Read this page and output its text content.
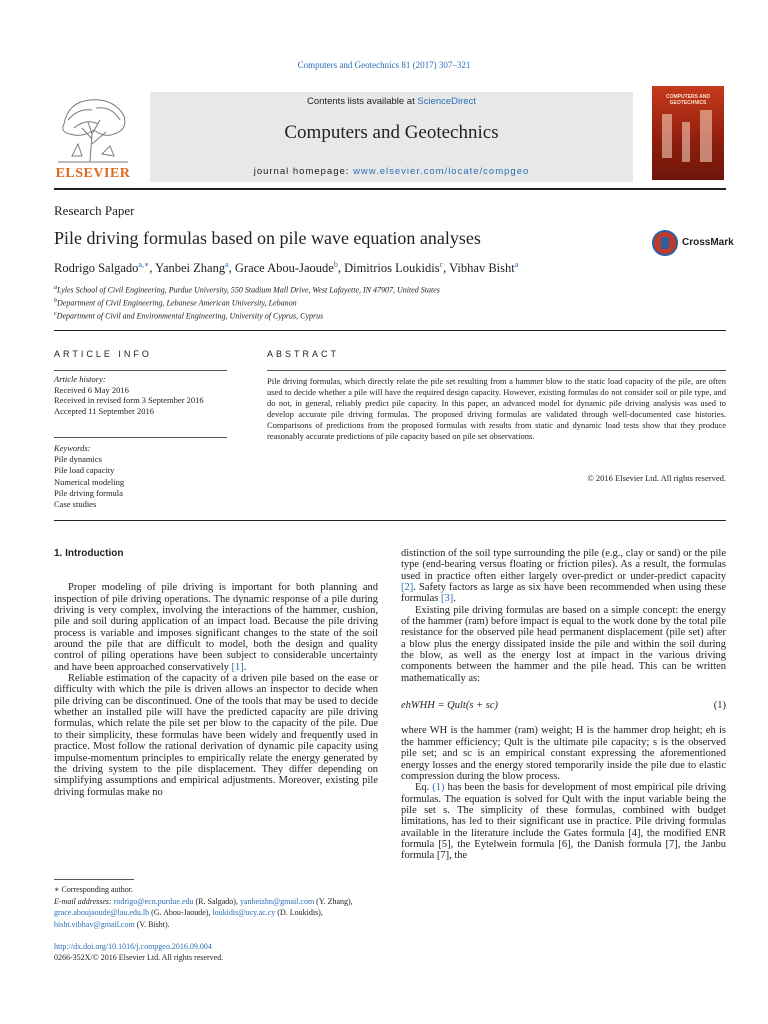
Computers and Geotechnics 81 (2017) 307–321
ELSEVIER
Contents lists available at ScienceDirect
Computers and Geotechnics
journal homepage: www.elsevier.com/locate/compgeo
COMPUTERS AND GEOTECHNICS
Research Paper
Pile driving formulas based on pile wave equation analyses	CrossMark
Rodrigo Salgado$^{a,∗}$, Yanbei Zhang$^a$, Grace Abou-Jaoude$^b$, Dimitrios Loukidis$^c$, Vibhav Bisht$^a$
$^a$Lyles School of Civil Engineering, Purdue University, 550 Stadium Mall Drive, West Lafayette, IN 47907, United States
$^b$Department of Civil Engineering, Lebanese American University, Lebanon
$^c$Department of Civil and Environmental Engineering, University of Cyprus, Cyprus
ARTICLE INFO	ABSTRACT
Article history:
Received 6 May 2016
Received in revised form 3 September 2016
Accepted 11 September 2016
Keywords:
Pile dynamics
Pile load capacity
Numerical modeling
Pile driving formula
Case studies
Pile driving formulas, which directly relate the pile set resulting from a hammer blow to the static load capacity of the pile, are often used to decide whether a pile will have the required design capacity. However, existing formulas do not consider soil or pile type, and do not, in general, reliably predict pile capacity. In this paper, an advanced model for dynamic pile driving analysis was used to develop accurate pile driving formulas. The proposed driving formulas are validated through well-documented case histories. Comparisons of predictions from the proposed formulas with results from static and dynamic load tests show that they produce reasonably accurate predictions of pile capacity based on pile set observations.
© 2016 Elsevier Ltd. All rights reserved.
1. Introduction

Proper modeling of pile driving is important for both planning and inspection of pile driving operations. The dynamic response of a pile during driving is very complex, involving the interactions of the hammer, cushion, pile and soil during application of an impact load. Because the pile driving process is variable and imposes significant changes to the state of the soil around the pile that are difficult to model, both the design and quality control of piling operations have been subject to considerable uncertainty and have been approached conservatively [1].

Reliable estimation of the capacity of a driven pile based on the ease or difficulty with which the pile is driven allows an inspector to decide when pile driving can be discontinued. One of the tools that may be used to decide whether an installed pile will have the predicted capacity are pile driving formulas, which relate the pile set per blow to the capacity of the pile. Due to their simplicity, these formulas have been widely and frequently used in practice. Most follow the rational derivation of dynamic pile capacity using impulse-momentum principles to empirically relate the energy generated by the driving system to the pile displacement. They differ depending on simplifying assumptions and empirical adjustments. Moreover, existing pile driving formulas make no

distinction of the soil type surrounding the pile (e.g., clay or sand) or the pile type (end-bearing versus floating or friction piles). As a result, the formulas used in practice often either largely over-predict or under-predict capacity [2]. Safety factors as large as six have been recommended when using these formulas [3].

Existing pile driving formulas are based on a simple concept: the energy of the hammer (ram) before impact is equal to the work done by the total pile resistance for the observed pile head permanent displacement (pile set) after a blow plus the energy dissipated inside the pile and within the soil during the blow, as well as the energy lost at impact in the various driving components between the hammer and the pile head. This can be written mathematically as:

ehWHH = Qult(s + sc)	(1)

where WH is the hammer (ram) weight; H is the hammer drop height; eh is the hammer efficiency; Qult is the ultimate pile capacity; s is the observed pile set; and sc is an empirical constant expressing the aforementioned energy losses and the energy stored temporarily inside the pile due to elastic compression during the blow process.

Eq. (1) has been the basis for development of most empirical pile driving formulas. The equation is solved for Qult with the input variable being the pile set s. The simplicity of these formulas, combined with budget limitations, has led to their significant use in practice. Pile driving formulas available in the literature include the Gates formula [4], the modified ENR formula [5], the Eytelwein formula [6], the Danish formula [7], the Janbu formula [7], the

∗ Corresponding author.
E-mail addresses: rodrigo@ecn.purdue.edu (R. Salgado), yanbeizhn@gmail.com (Y. Zhang), grace.aboujaoude@lau.edu.lb (G. Abou-Jaoude), loukidis@ucy.ac.cy (D. Loukidis), bisht.vibhav@gmail.com (V. Bisht).
http://dx.doi.org/10.1016/j.compgeo.2016.09.004
0266-352X/© 2016 Elsevier Ltd. All rights reserved.
